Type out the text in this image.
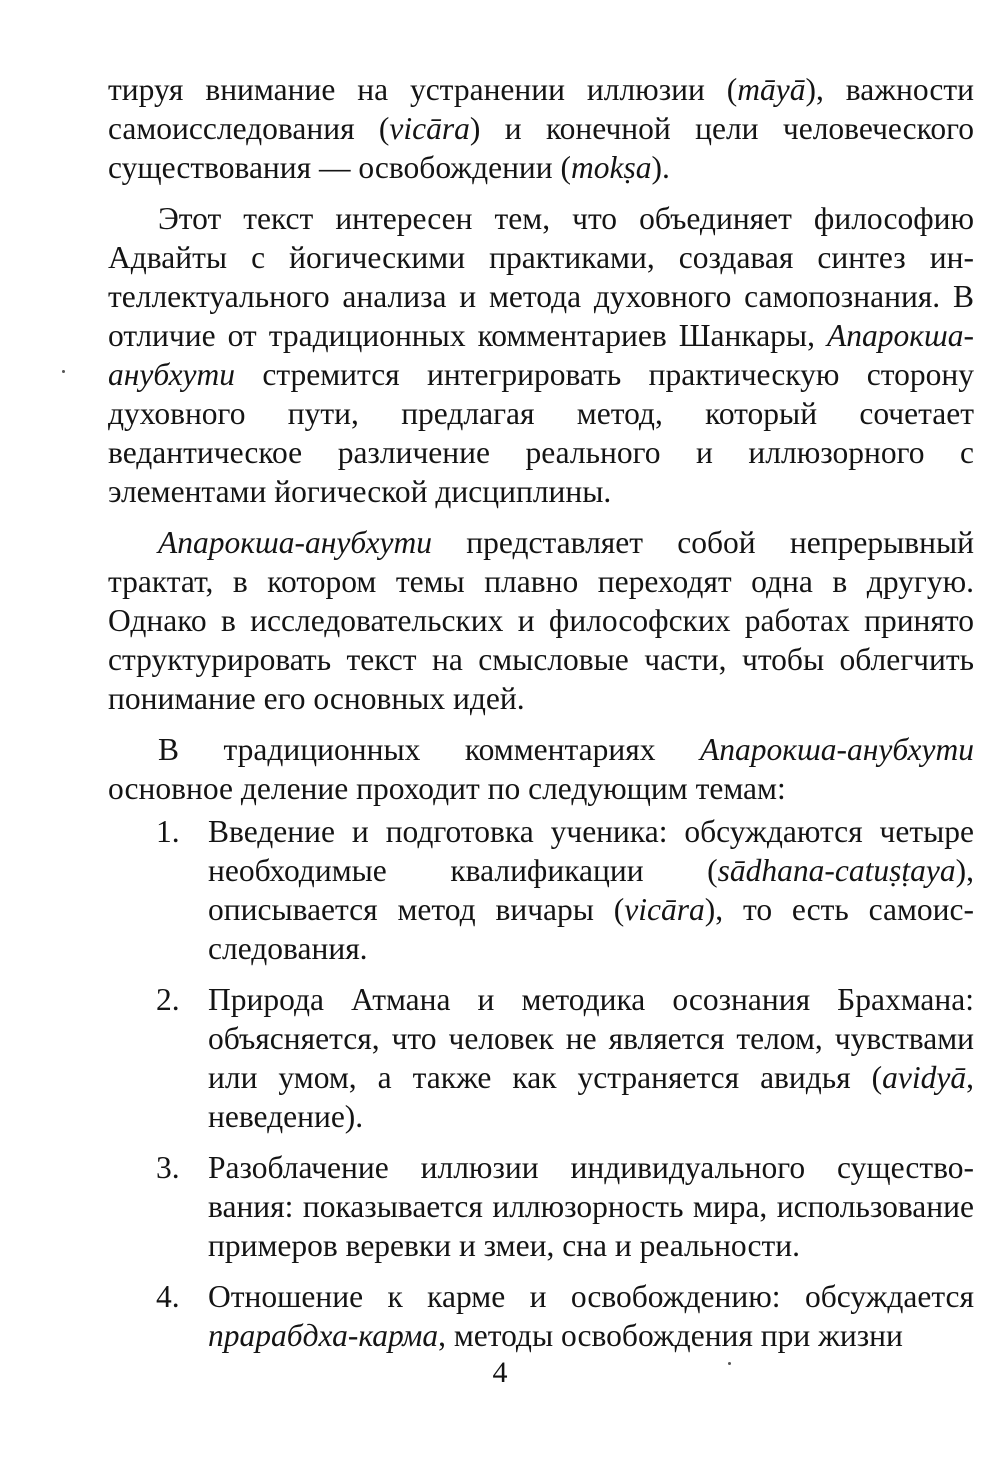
тируя внимание на устранении иллюзии (māyā), важности самоисследования (vicāra) и конечной цели человеческого существования — освобождении (mokṣa).

Этот текст интересен тем, что объединяет философию Адвайты с йогическими практиками, создавая синтез интеллектуального анализа и метода духовного самопознания. В отличие от традиционных комментариев Шанкары, Апарокша-анубхути стремится интегрировать практическую сторону духовного пути, предлагая метод, который сочетает ведантическое различение реального и иллюзорного с элементами йогической дисциплины.

Апарокша-анубхути представляет собой непрерывный трактат, в котором темы плавно переходят одна в другую. Однако в исследовательских и философских работах принято структурировать текст на смысловые части, чтобы облегчить понимание его основных идей.

В традиционных комментариях Апарокша-анубхути основное деление проходит по следующим темам:

1. Введение и подготовка ученика: обсуждаются четыре необходимые квалификации (sādhana-catuṣṭaya), описывается метод вичары (vicāra), то есть самоисследования.
2. Природа Атмана и методика осознания Брахмана: объясняется, что человек не является телом, чувствами или умом, а также как устраняется авидья (avidyā, неведение).
3. Разоблачение иллюзии индивидуального существования: показывается иллюзорность мира, использование примеров веревки и змеи, сна и реальности.
4. Отношение к карме и освобождению: обсуждается прарабдха-карма, методы освобождения при жизни
4
